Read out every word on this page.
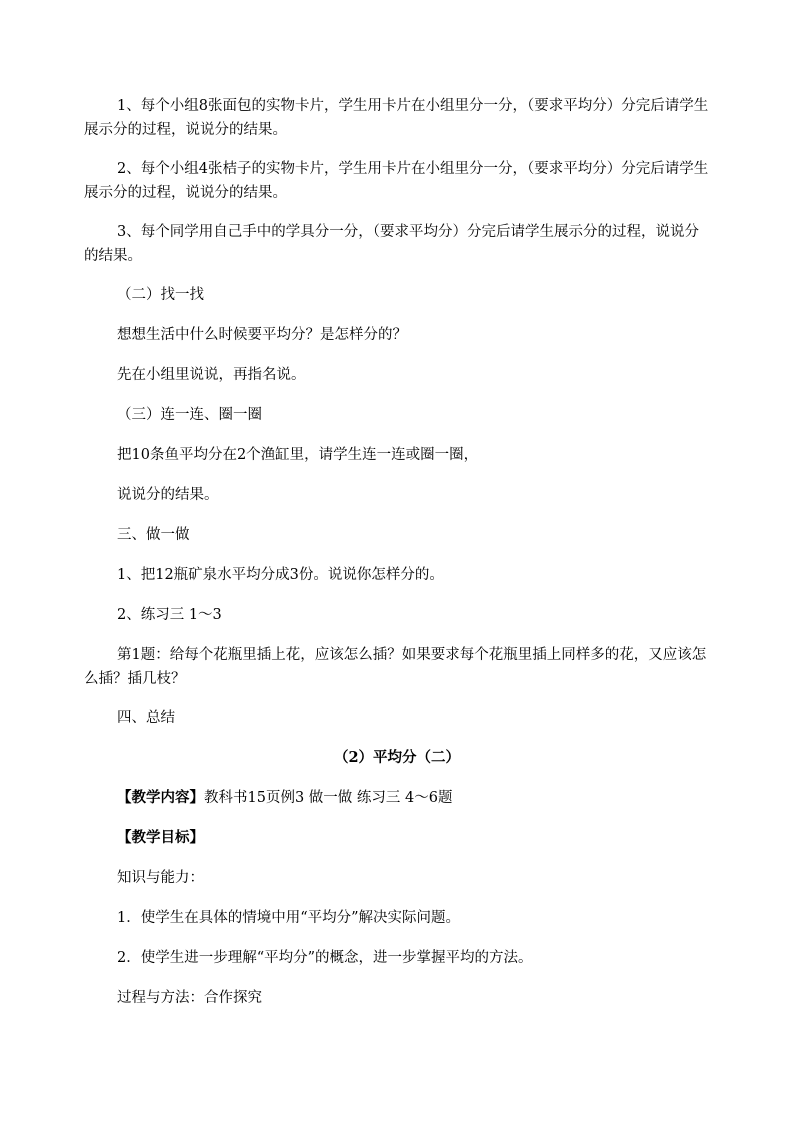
1、每个小组8张面包的实物卡片，学生用卡片在小组里分一分，（要求平均分）分完后请学生展示分的过程，说说分的结果。

2、每个小组4张桔子的实物卡片，学生用卡片在小组里分一分，（要求平均分）分完后请学生展示分的过程，说说分的结果。

3、每个同学用自己手中的学具分一分，（要求平均分）分完后请学生展示分的过程，说说分的结果。

（二）找一找

想想生活中什么时候要平均分？是怎样分的？

先在小组里说说，再指名说。

（三）连一连、圈一圈

把10条鱼平均分在2个渔缸里，请学生连一连或圈一圈，

说说分的结果。

三、做一做

1、把12瓶矿泉水平均分成3份。说说你怎样分的。

2、练习三 1～3

第1题：给每个花瓶里插上花，应该怎么插？如果要求每个花瓶里插上同样多的花，又应该怎么插？插几枝？

四、总结

（2）平均分（二）

【教学内容】教科书15页例3 做一做 练习三 4～6题

【教学目标】

知识与能力：

1．使学生在具体的情境中用“平均分”解决实际问题。

2．使学生进一步理解“平均分”的概念，进一步掌握平均的方法。

过程与方法：合作探究
